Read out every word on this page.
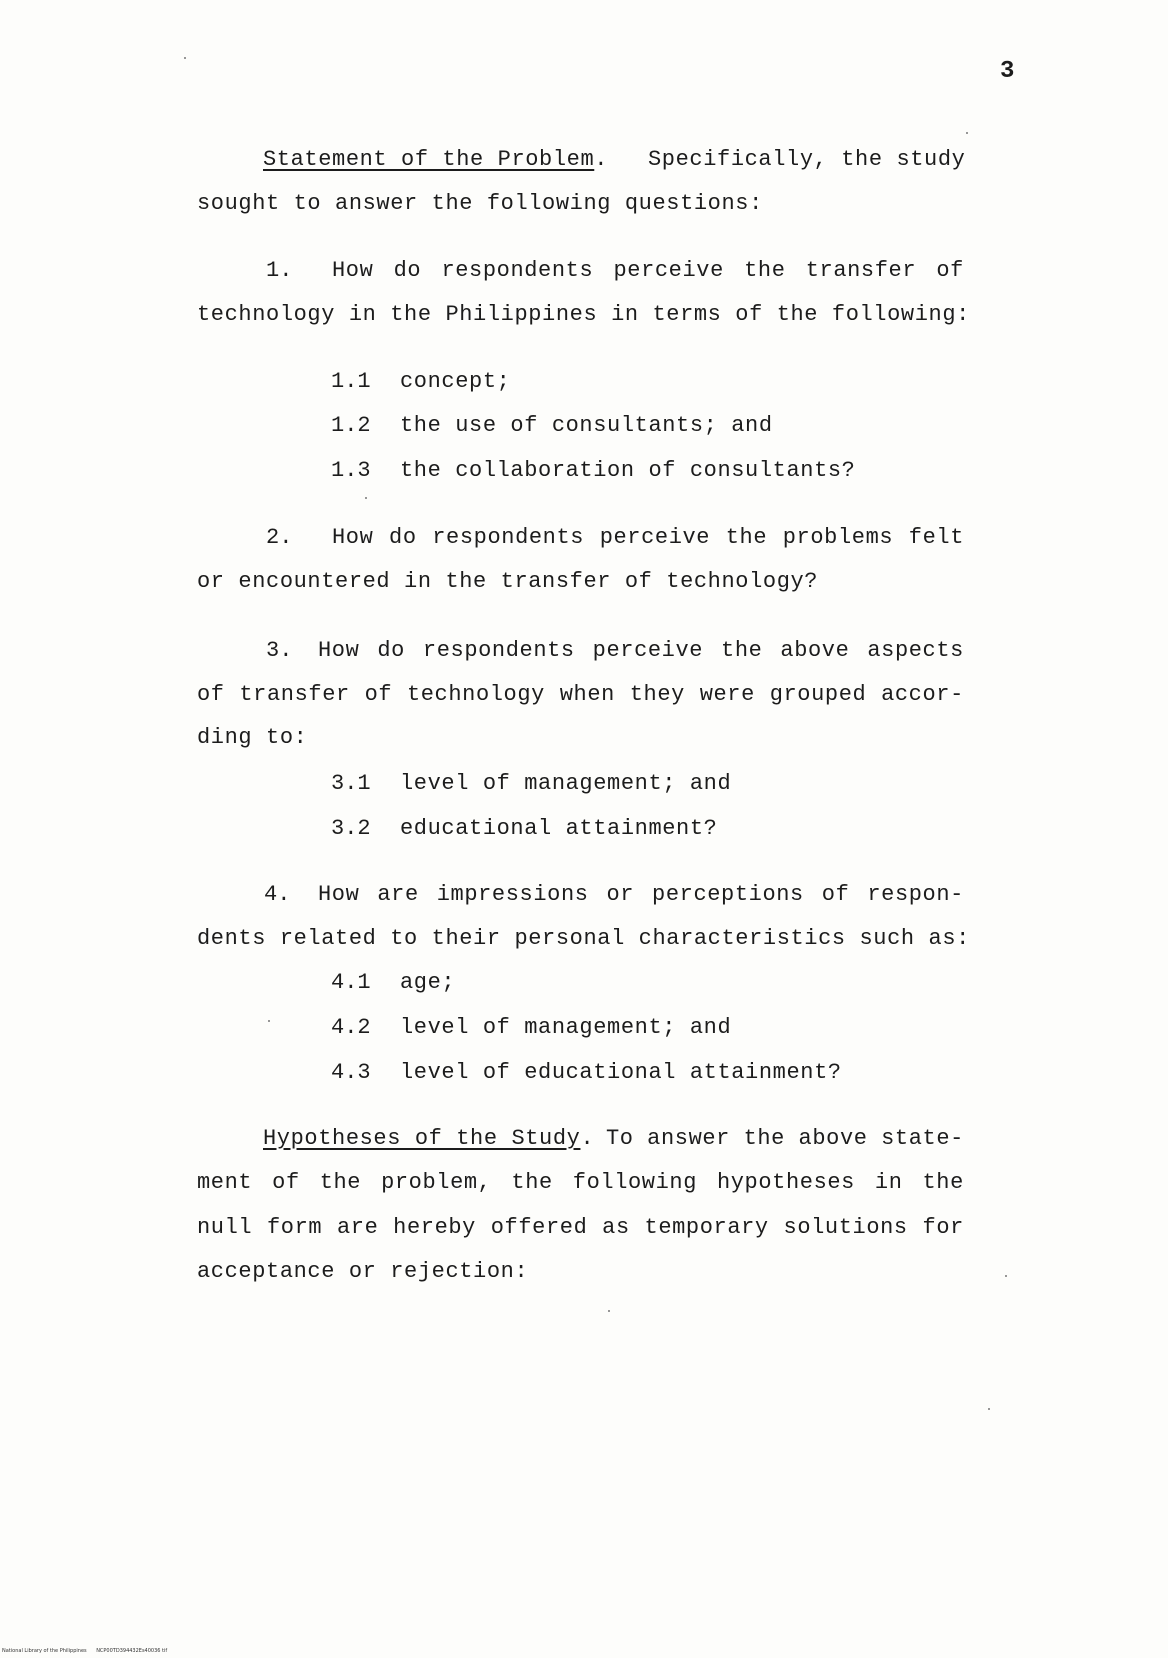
3
Statement of the Problem. Specifically, the study
sought to answer the following questions:
1. How do respondents perceive the transfer of
technology in the Philippines in terms of the following:
1.1 concept;
1.2 the use of consultants; and
1.3 the collaboration of consultants?
2. How do respondents perceive the problems felt
or encountered in the transfer of technology?
3. How do respondents perceive the above aspects
of transfer of technology when they were grouped accor-
ding to:
3.1 level of management; and
3.2 educational attainment?
4. How are impressions or perceptions of respon-
dents related to their personal characteristics such as:
4.1 age;
4.2 level of management; and
4.3 level of educational attainment?
Hypotheses of the Study. To answer the above state-
ment of the problem, the following hypotheses in the
null form are hereby offered as temporary solutions for
acceptance or rejection:
National Library of the Philippines NCP00TD394432Es40036 tif
